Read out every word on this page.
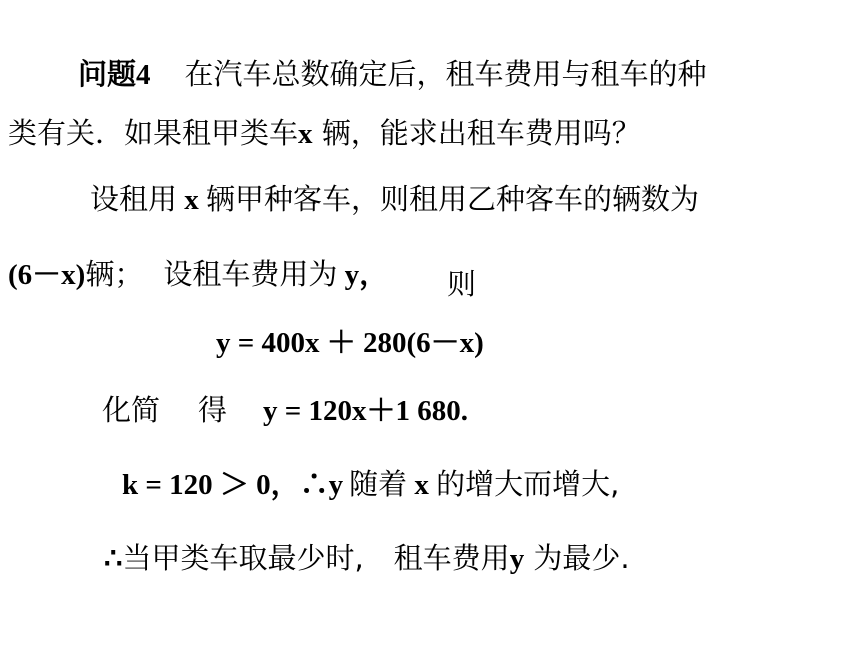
问题4 在汽车总数确定后，租车费用与租车的种
类有关．如果租甲类车x 辆，能求出租车费用吗？
设租用 x 辆甲种客车，则租用乙种客车的辆数为
(6－x)辆； 设租车费用为 y， 则
y = 400x ＋ 280(6－x)
化简 得 y = 120x＋1 680.
k = 120 ＞ 0，∴y 随着 x 的增大而增大,
∴当甲类车取最少时, 租车费用y 为最少.
